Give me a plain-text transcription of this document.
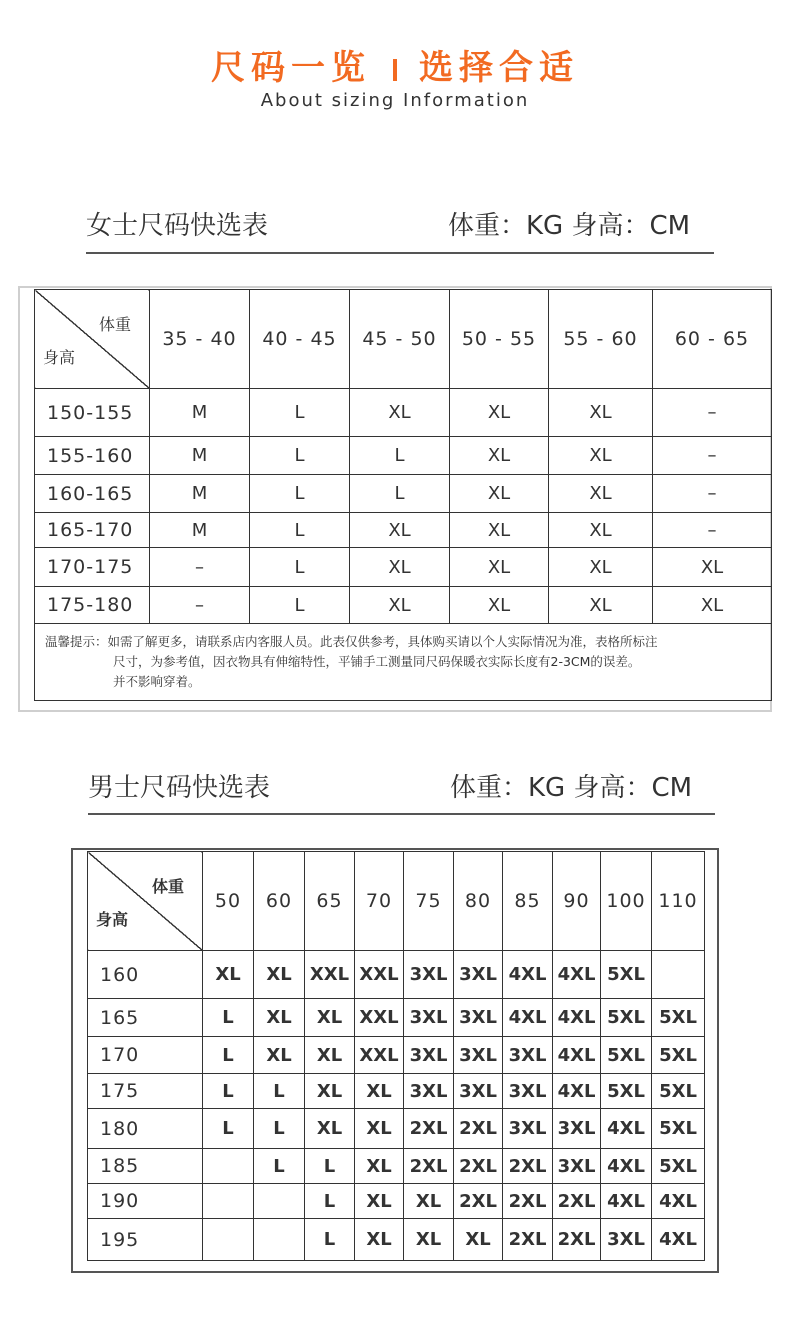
尺码一览 选择合适
About sizing Information
女士尺码快选表	体重：KG 身高：CM
体重
身高	35 - 40	40 - 45	45 - 50	50 - 55	55 - 60	60 - 65
150-155	M	L	XL	XL	XL	–
155-160	M	L	L	XL	XL	–
160-165	M	L	L	XL	XL	–
165-170	M	L	XL	XL	XL	–
170-175	–	L	XL	XL	XL	XL
175-180	–	L	XL	XL	XL	XL

温馨提示：如需了解更多，请联系店内客服人员。此表仅供参考，具体购买请以个人实际情况为准，表格所标注
尺寸，为参考值，因衣物具有伸缩特性，平铺手工测量同尺码保暖衣实际长度有2-3CM的误差。
并不影响穿着。						
男士尺码快选表	体重：KG 身高：CM
体重
身高	50	60	65	70	75	80	85	90	100	110
160	XL	XL	XXL	XXL	3XL	3XL	4XL	4XL	5XL	
165	L	XL	XL	XXL	3XL	3XL	4XL	4XL	5XL	5XL
170	L	XL	XL	XXL	3XL	3XL	3XL	4XL	5XL	5XL
175	L	L	XL	XL	3XL	3XL	3XL	4XL	5XL	5XL
180	L	L	XL	XL	2XL	2XL	3XL	3XL	4XL	5XL
185		L	L	XL	2XL	2XL	2XL	3XL	4XL	5XL
190			L	XL	XL	2XL	2XL	2XL	4XL	4XL
195			L	XL	XL	XL	2XL	2XL	3XL	4XL
